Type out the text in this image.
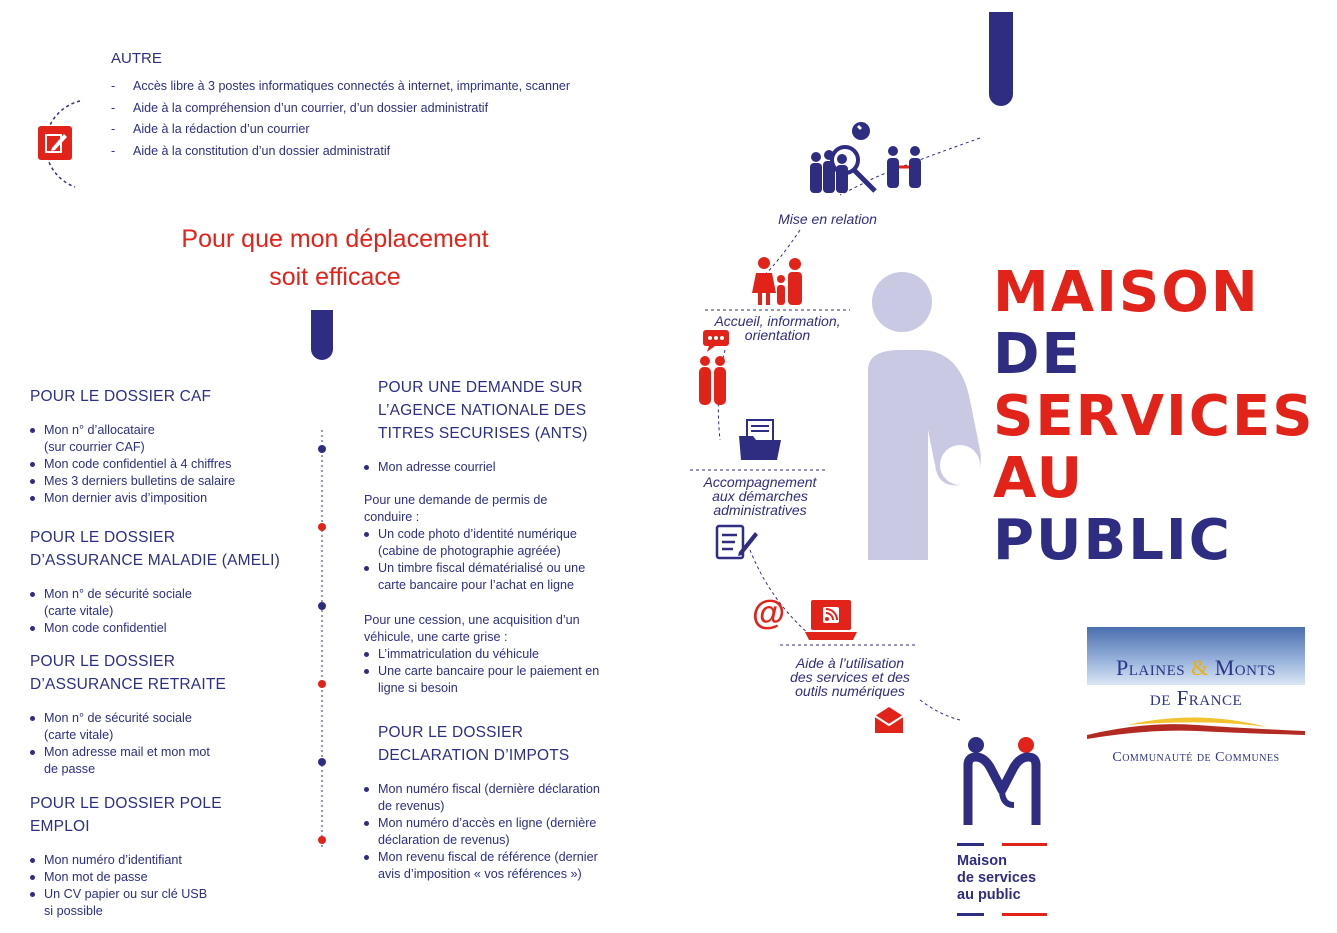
AUTRE
- Accès libre à 3 postes informatiques connectés à internet, imprimante, scanner
- Aide à la compréhension d’un courrier, d’un dossier administratif
- Aide à la rédaction d’un courrier
- Aide à la constitution d’un dossier administratif
Pour que mon déplacement
soit efficace
POUR LE DOSSIER CAF
Mon n° d’allocataire
(sur courrier CAF)
Mon code confidentiel à 4 chiffres
Mes 3 derniers bulletins de salaire
Mon dernier avis d’imposition
POUR LE DOSSIER
D’ASSURANCE MALADIE (AMELI)
Mon n° de sécurité sociale
(carte vitale)
Mon code confidentiel
POUR LE DOSSIER
D’ASSURANCE RETRAITE
Mon n° de sécurité sociale
(carte vitale)
Mon adresse mail et mon mot
de passe
POUR LE DOSSIER POLE
EMPLOI
Mon numéro d’identifiant
Mon mot de passe
Un CV papier ou sur clé USB
si possible
POUR UNE DEMANDE SUR
L’AGENCE NATIONALE DES
TITRES SECURISES (ANTS)
Mon adresse courriel

Pour une demande de permis de

conduire :

Un code photo d’identité numérique
(cabine de photographie agréée)
Un timbre fiscal dématérialisé ou une
carte bancaire pour l’achat en ligne

Pour une cession, une acquisition d’un

véhicule, une carte grise :

L’immatriculation du véhicule
Une carte bancaire pour le paiement en
ligne si besoin
POUR LE DOSSIER
DECLARATION D’IMPOTS
Mon numéro fiscal (dernière déclaration
de revenus)
Mon numéro d’accès en ligne (dernière
déclaration de revenus)
Mon revenu fiscal de référence (dernier
avis d’imposition « vos références »)
Mise en relation
Accueil, information,
orientation
Accompagnement
aux démarches
administratives
@
Aide à l’utilisation
des services et des
outils numériques
MAISON
DE
SERVICES
AU
PUBLIC
Plaines & Monts
de France
Communauté de Communes
Maison
de services
au public
